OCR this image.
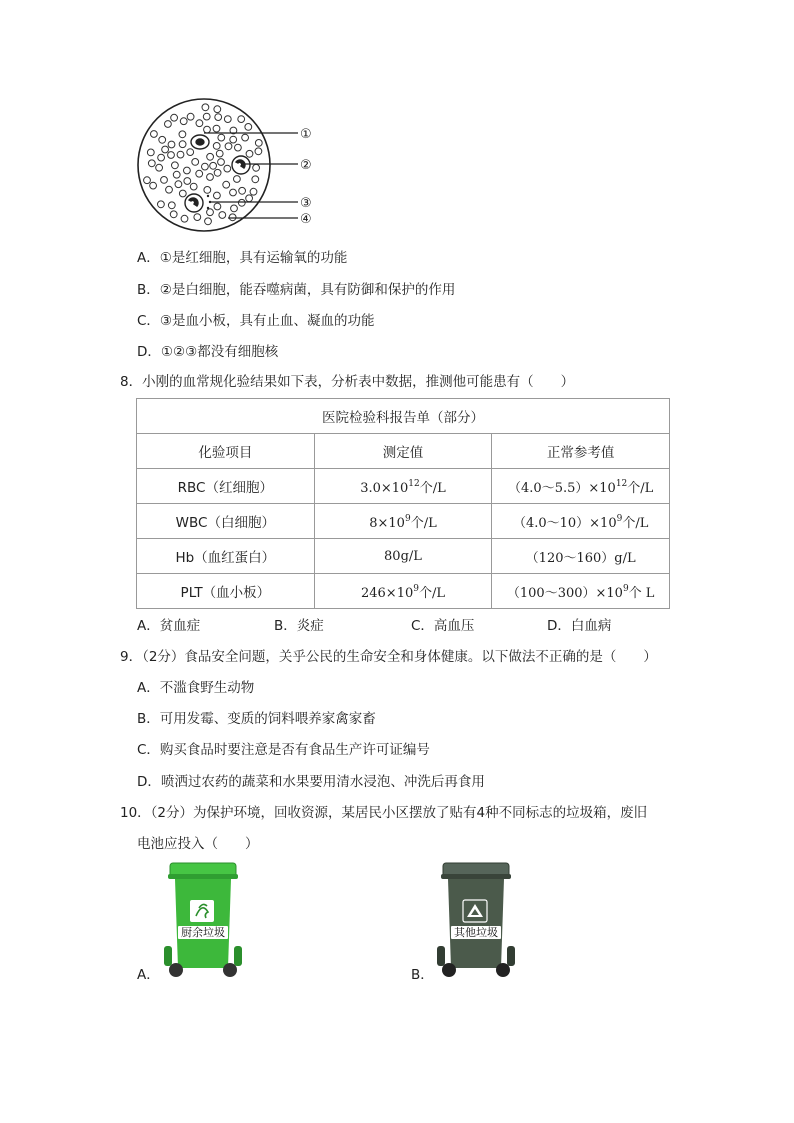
①
②
③
④
A．①是红细胞，具有运输氧的功能
B．②是白细胞，能吞噬病菌，具有防御和保护的作用
C．③是血小板，具有止血、凝血的功能
D．①②③都没有细胞核
8．小刚的血常规化验结果如下表，分析表中数据，推测他可能患有（　　）
医院检验科报告单（部分）		
化验项目	测定值	正常参考值
RBC（红细胞）	$3.0\times 10^{12}$个/L	$(4.0\sim 5.5)\times 10^{12}$个/L
WBC（白细胞）	$8\times 10^9$个/L	$(4.0\sim 10)\times 10^9$个/L
Hb（血红蛋白）	80g/L	（120～160）g/L
PLT（血小板）	$246\times 10^9$个/L	$(100\sim 300)\times 10^9$个 L
A．贫血症	B．炎症	C．高血压	D．白血病
9．（2分）食品安全问题，关乎公民的生命安全和身体健康。以下做法不正确的是（　　）
A．不滥食野生动物
B．可用发霉、变质的饲料喂养家禽家畜
C．购买食品时要注意是否有食品生产许可证编号
D．喷洒过农药的蔬菜和水果要用清水浸泡、冲洗后再食用
10．（2分）为保护环境，回收资源，某居民小区摆放了贴有4种不同标志的垃圾箱，废旧
电池应投入（　　）
A．	B．
厨余垃圾	其他垃圾
